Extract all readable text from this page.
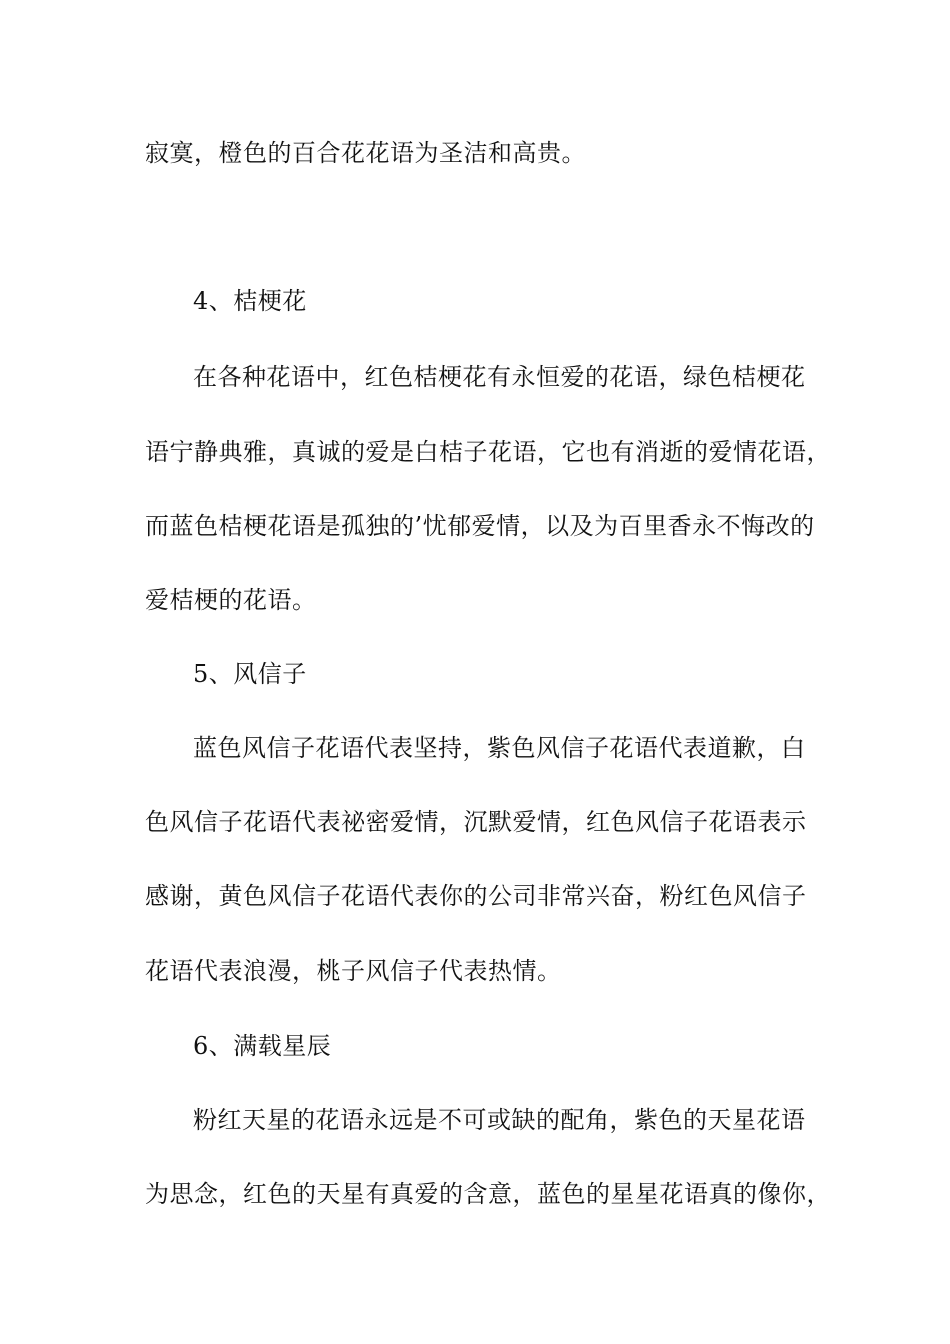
寂寞，橙色的百合花花语为圣洁和高贵。
4、桔梗花
在各种花语中，红色桔梗花有永恒爱的花语，绿色桔梗花
语宁静典雅，真诚的爱是白桔子花语，它也有消逝的爱情花语，
而蓝色桔梗花语是孤独的’忧郁爱情，以及为百里香永不悔改的
爱桔梗的花语。
5、风信子
蓝色风信子花语代表坚持，紫色风信子花语代表道歉，白
色风信子花语代表祕密爱情，沉默爱情，红色风信子花语表示
感谢，黄色风信子花语代表你的公司非常兴奋，粉红色风信子
花语代表浪漫，桃子风信子代表热情。
6、满载星辰
粉红天星的花语永远是不可或缺的配角，紫色的天星花语
为思念，红色的天星有真爱的含意，蓝色的星星花语真的像你，
